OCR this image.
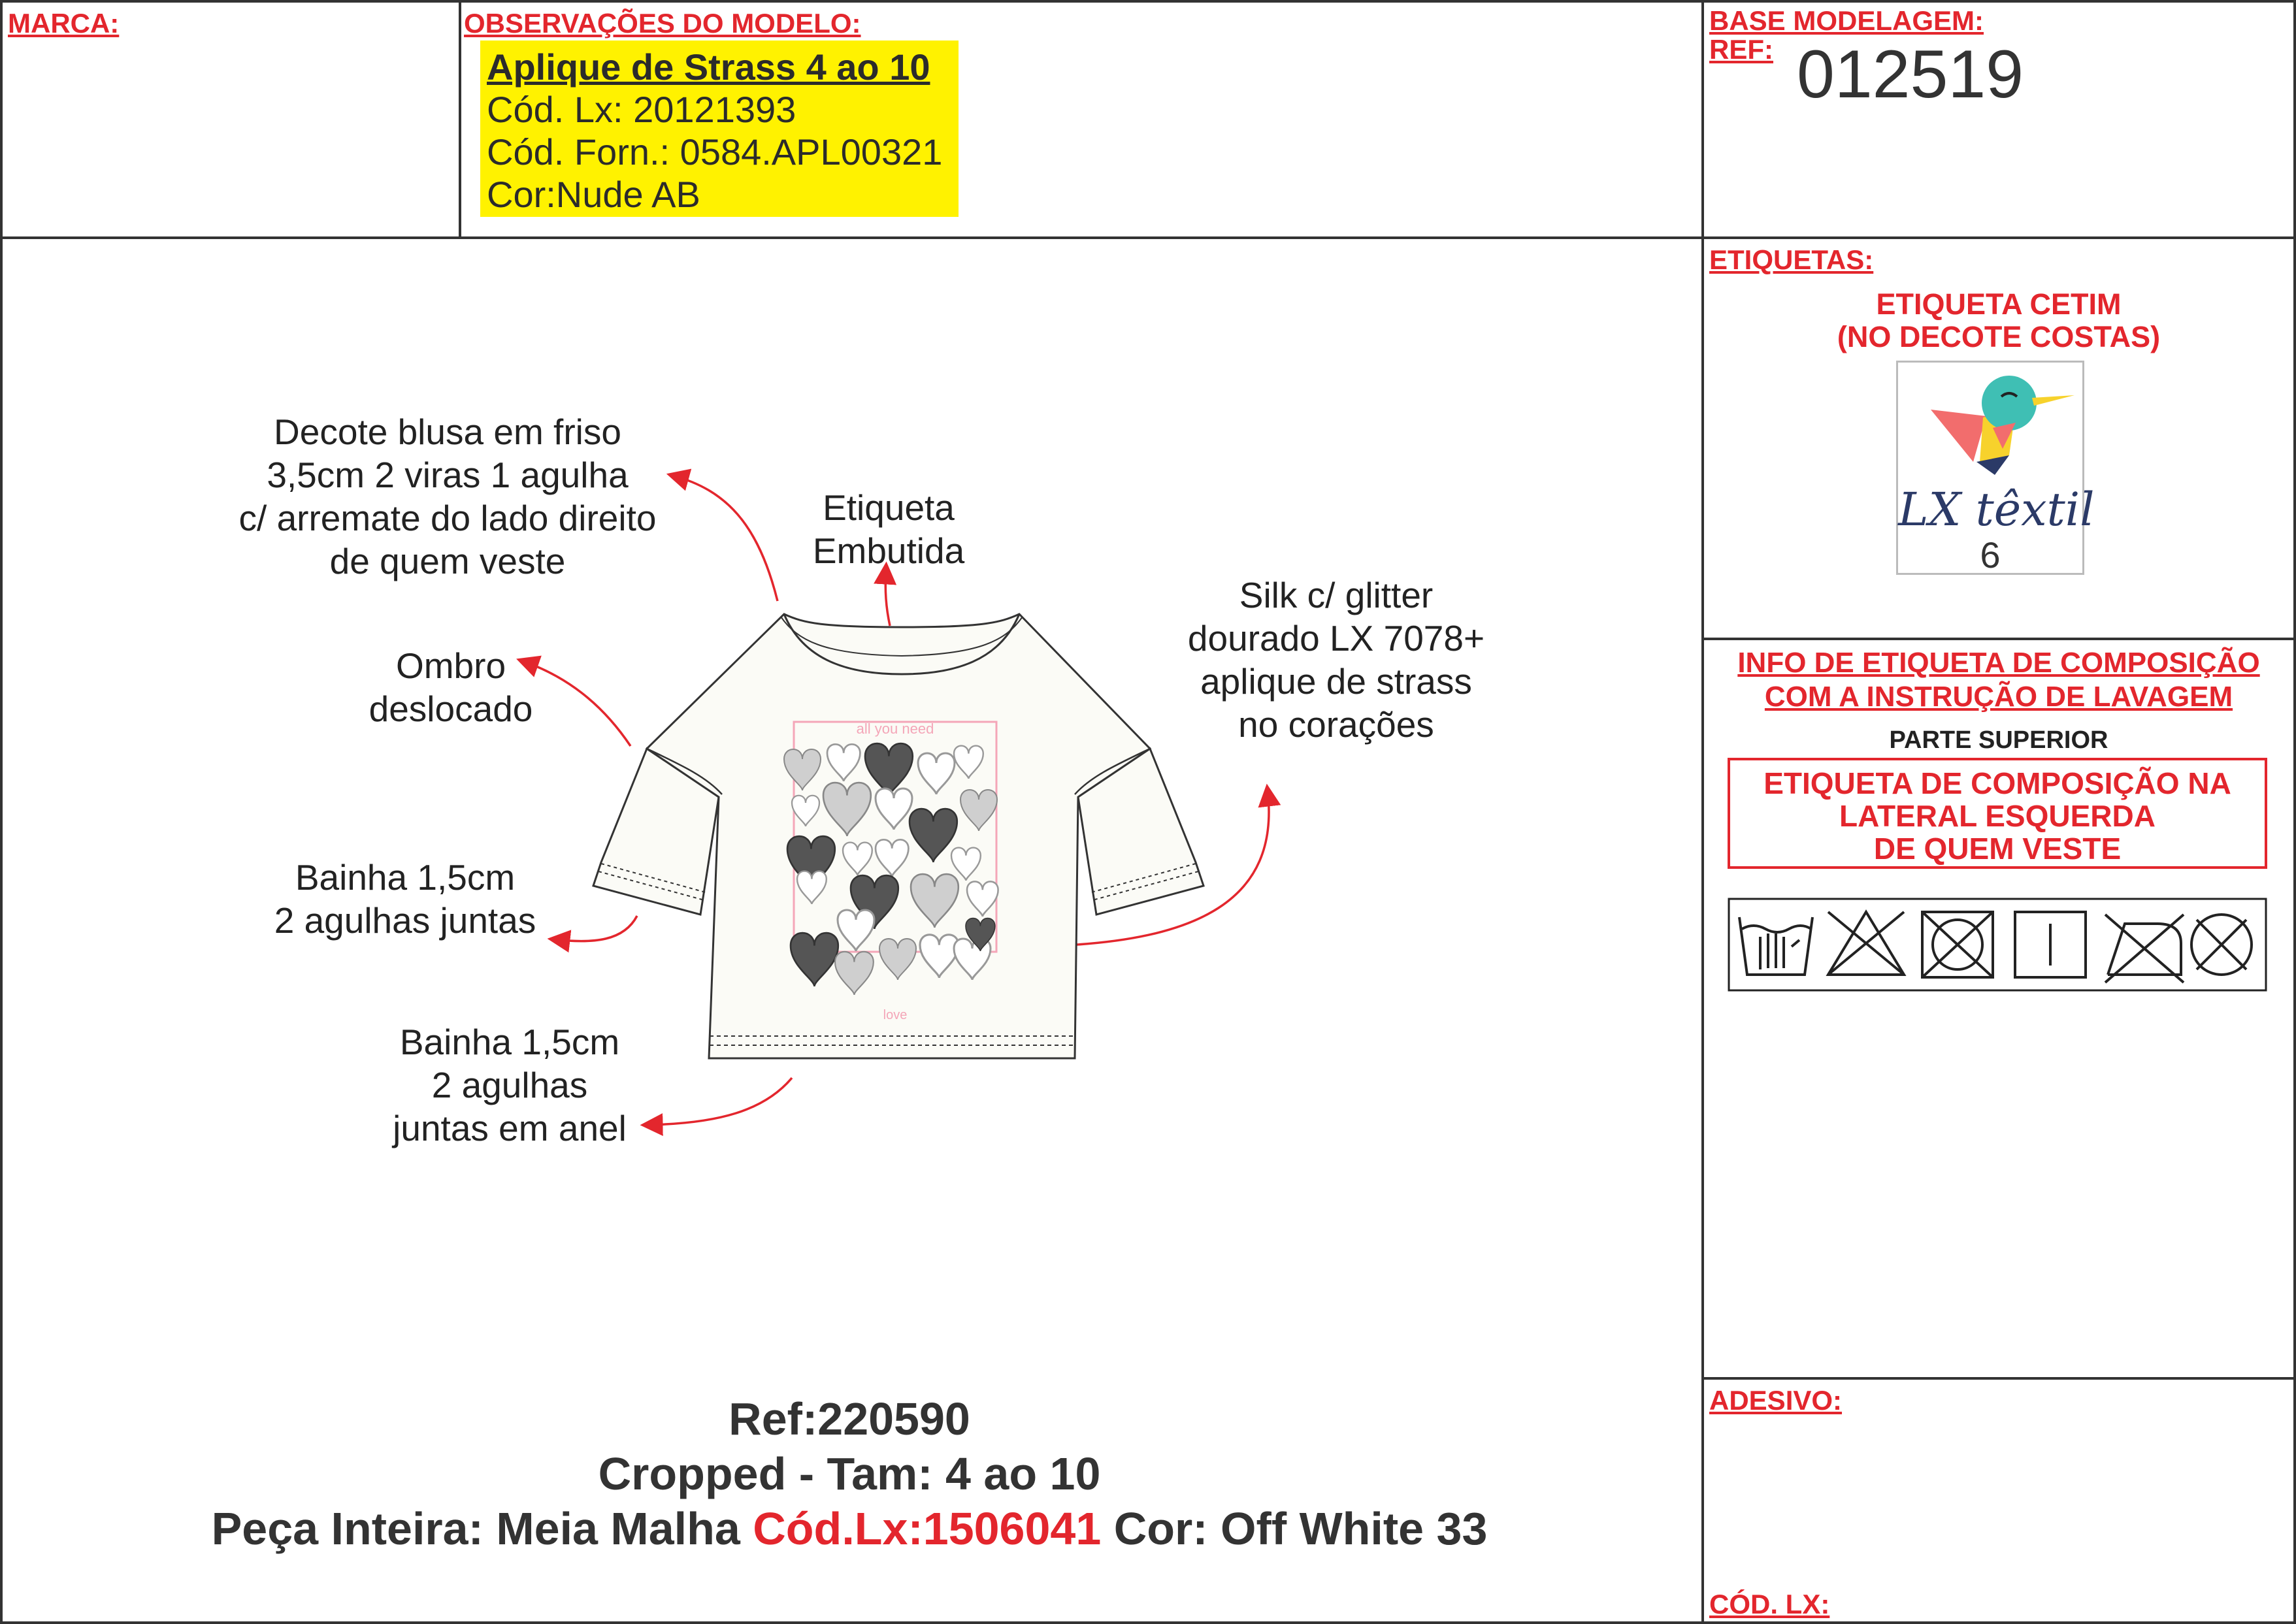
MARCA:	OBSERVAÇÕES DO MODELO:
Aplique de Strass 4 ao 10
Cód. Lx: 20121393
Cód. Forn.: 0584.APL00321
Cor:Nude AB
BASE MODELAGEM:
REF: 012519
Decote blusa em friso
3,5cm 2 viras 1 agulha
c/ arremate do lado direito
de quem veste
Etiqueta
Embutida
Ombro
deslocado
Silk c/ glitter
dourado LX 7078+
aplique de strass
no corações
Bainha 1,5cm
2 agulhas juntas
Bainha 1,5cm
2 agulhas
juntas em anel
all you need
love
Ref:220590
Cropped - Tam: 4 ao 10
Peça Inteira: Meia Malha Cód.Lx:1506041 Cor: Off White 33
ETIQUETAS:
ETIQUETA CETIM
(NO DECOTE COSTAS)
LX têxtil
6
INFO DE ETIQUETA DE COMPOSIÇÃO
COM A INSTRUÇÃO DE LAVAGEM
PARTE SUPERIOR
ETIQUETA DE COMPOSIÇÃO NA
LATERAL ESQUERDA
DE QUEM VESTE
ADESIVO:
CÓD. LX:
